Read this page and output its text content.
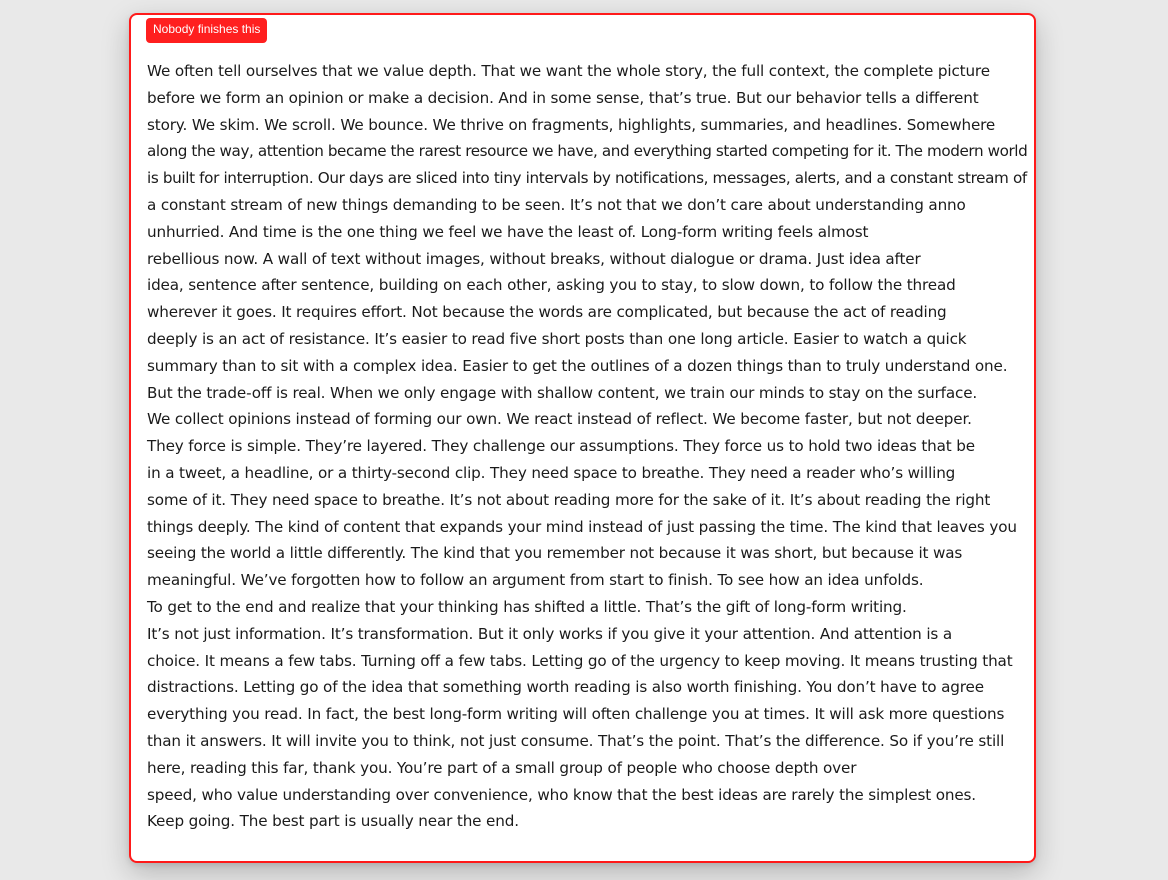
Nobody finishes this
We often tell ourselves that we value depth. That we want the whole story, the full context, the complete picture
before we form an opinion or make a decision. And in some sense, that’s true. But our behavior tells a different
story. We skim. We scroll. We bounce. We thrive on fragments, highlights, summaries, and headlines. Somewhere
along the way, attention became the rarest resource we have, and everything started competing for it. The modern world
is built for interruption. Our days are sliced into tiny intervals by notifications, messages, alerts, and a constant stream of
a constant stream of new things demanding to be seen. It’s not that we don’t care about understanding anno
unhurried. And time is the one thing we feel we have the least of. Long-form writing feels almost
rebellious now. A wall of text without images, without breaks, without dialogue or drama. Just idea after
idea, sentence after sentence, building on each other, asking you to stay, to slow down, to follow the thread
wherever it goes. It requires effort. Not because the words are complicated, but because the act of reading
deeply is an act of resistance. It’s easier to read five short posts than one long article. Easier to watch a quick
summary than to sit with a complex idea. Easier to get the outlines of a dozen things than to truly understand one.
But the trade-off is real. When we only engage with shallow content, we train our minds to stay on the surface.
We collect opinions instead of forming our own. We react instead of reflect. We become faster, but not deeper.
They force is simple. They’re layered. They challenge our assumptions. They force us to hold two ideas that be
in a tweet, a headline, or a thirty-second clip. They need space to breathe. They need a reader who’s willing
some of it. They need space to breathe. It’s not about reading more for the sake of it. It’s about reading the right
things deeply. The kind of content that expands your mind instead of just passing the time. The kind that leaves you
seeing the world a little differently. The kind that you remember not because it was short, but because it was
meaningful. We’ve forgotten how to follow an argument from start to finish. To see how an idea unfolds.
To get to the end and realize that your thinking has shifted a little. That’s the gift of long-form writing.
It’s not just information. It’s transformation. But it only works if you give it your attention. And attention is a
choice. It means a few tabs. Turning off a few tabs. Letting go of the urgency to keep moving. It means trusting that
distractions. Letting go of the idea that something worth reading is also worth finishing. You don’t have to agree
everything you read. In fact, the best long-form writing will often challenge you at times. It will ask more questions
than it answers. It will invite you to think, not just consume. That’s the point. That’s the difference. So if you’re still
here, reading this far, thank you. You’re part of a small group of people who choose depth over
speed, who value understanding over convenience, who know that the best ideas are rarely the simplest ones.
Keep going. The best part is usually near the end.
